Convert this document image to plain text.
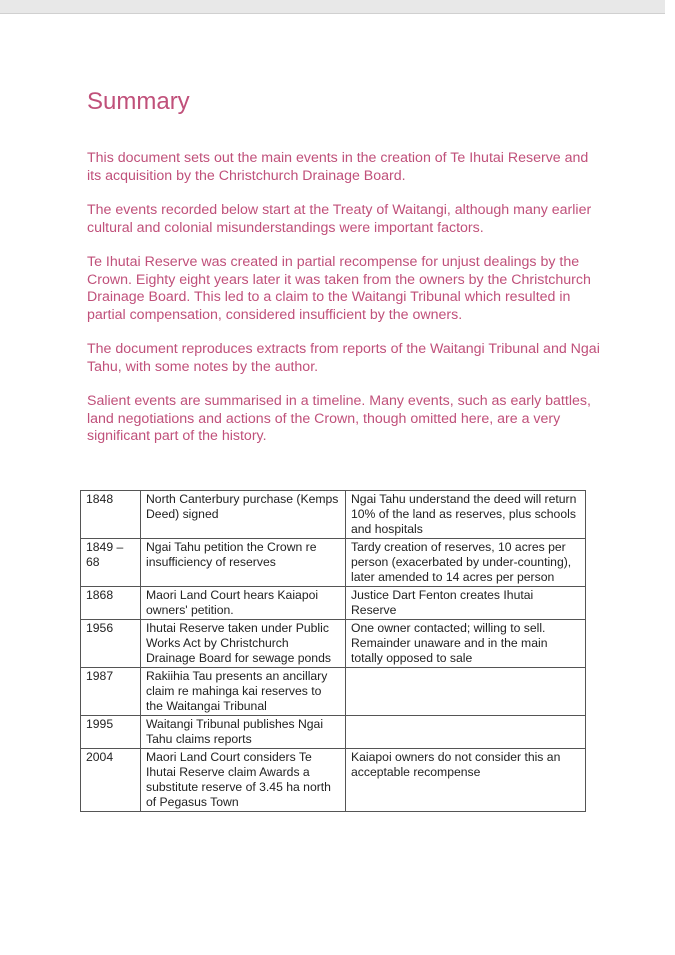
Summary

This document sets out the main events in the creation of Te Ihutai Reserve and its acquisition by the Christchurch Drainage Board.

The events recorded below start at the Treaty of Waitangi, although many earlier cultural and colonial misunderstandings were important factors.

Te Ihutai Reserve was created in partial recompense for unjust dealings by the Crown. Eighty eight years later it was taken from the owners by the Christchurch Drainage Board. This led to a claim to the Waitangi Tribunal which resulted in partial compensation, considered insufficient by the owners.

The document reproduces extracts from reports of the Waitangi Tribunal and Ngai Tahu, with some notes by the author.

Salient events are summarised in a timeline. Many events, such as early battles, land negotiations and actions of the Crown, though omitted here, are a very significant part of the history.

1848	North Canterbury purchase (Kemps Deed) signed	Ngai Tahu understand the deed will return 10% of the land as reserves, plus schools and hospitals
1849 – 68	Ngai Tahu petition the Crown re insufficiency of reserves	Tardy creation of reserves, 10 acres per person (exacerbated by under-counting), later amended to 14 acres per person
1868	Maori Land Court hears Kaiapoi owners' petition.	Justice Dart Fenton creates Ihutai Reserve
1956	Ihutai Reserve taken under Public Works Act by Christchurch Drainage Board for sewage ponds	One owner contacted; willing to sell. Remainder unaware and in the main totally opposed to sale
1987	Rakiihia Tau presents an ancillary claim re mahinga kai reserves to the Waitangai Tribunal	
1995	Waitangi Tribunal publishes Ngai Tahu claims reports	
2004	Maori Land Court considers Te Ihutai Reserve claim Awards a substitute reserve of 3.45 ha north of Pegasus Town	Kaiapoi owners do not consider this an acceptable recompense
